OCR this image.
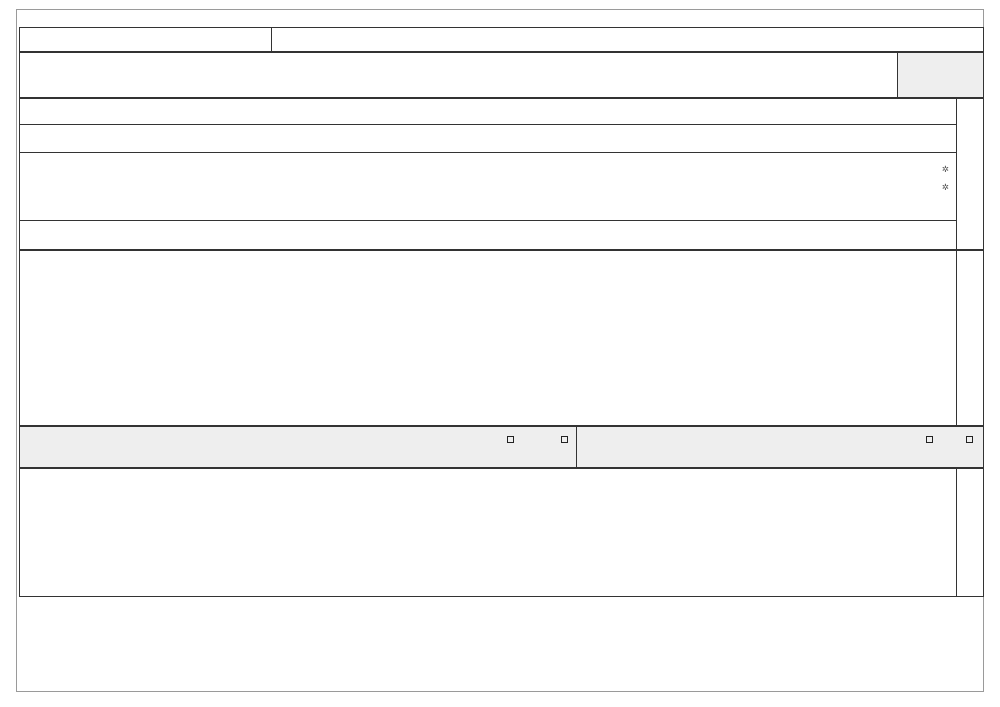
✲
✲
